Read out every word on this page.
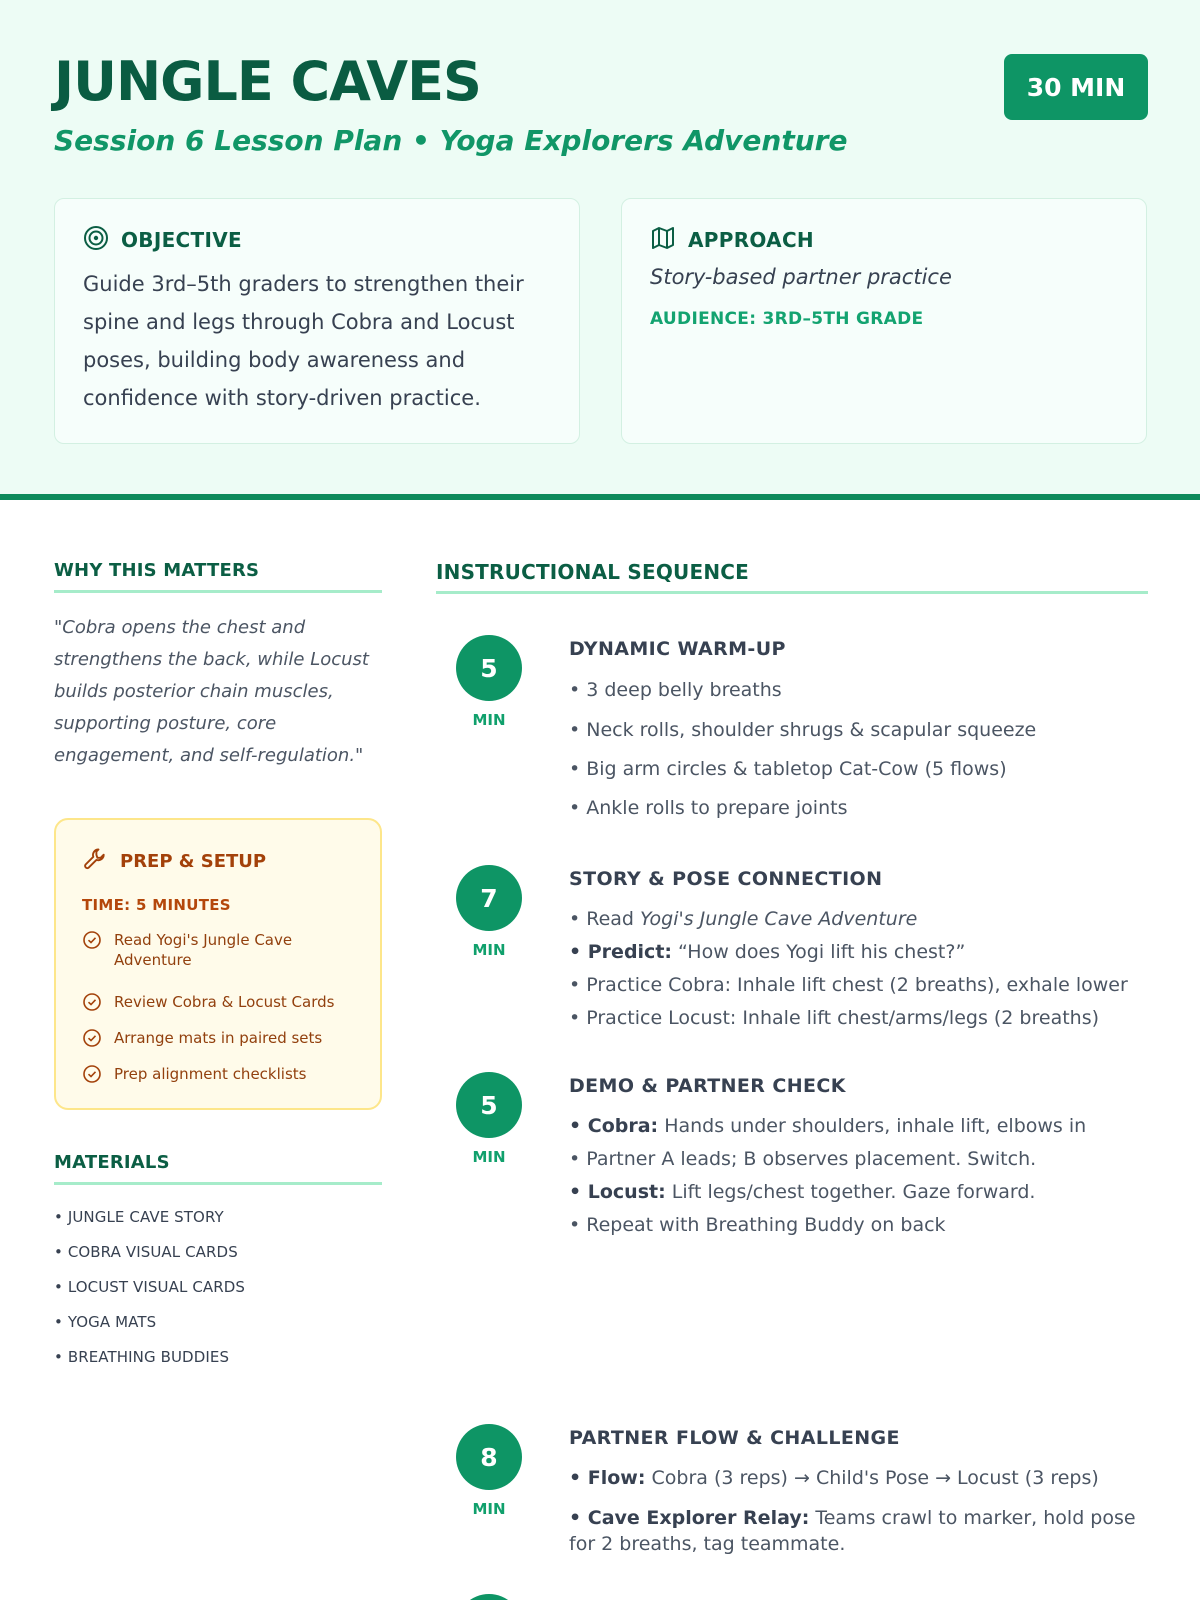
JUNGLE CAVES
Session 6 Lesson Plan • Yoga Explorers Adventure
30 MIN
OBJECTIVE
Guide 3rd–5th graders to strengthen their spine and legs through Cobra and Locust poses, building body awareness and confidence with story-driven practice.
APPROACH
Story-based partner practice
AUDIENCE: 3RD–5TH GRADE
WHY THIS MATTERS
"Cobra opens the chest and strengthens the back, while Locust builds posterior chain muscles, supporting posture, core engagement, and self-regulation."
PREP & SETUP
TIME: 5 MINUTES
Read Yogi's Jungle Cave Adventure
Review Cobra & Locust Cards
Arrange mats in paired sets
Prep alignment checklists
MATERIALS
• JUNGLE CAVE STORY
• COBRA VISUAL CARDS
• LOCUST VISUAL CARDS
• YOGA MATS
• BREATHING BUDDIES
INSTRUCTIONAL SEQUENCE
5
MIN
DYNAMIC WARM-UP
• 3 deep belly breaths
• Neck rolls, shoulder shrugs & scapular squeeze
• Big arm circles & tabletop Cat-Cow (5 flows)
• Ankle rolls to prepare joints
7
MIN
STORY & POSE CONNECTION
• Read Yogi's Jungle Cave Adventure
• Predict: “How does Yogi lift his chest?”
• Practice Cobra: Inhale lift chest (2 breaths), exhale lower
• Practice Locust: Inhale lift chest/arms/legs (2 breaths)
5
MIN
DEMO & PARTNER CHECK
• Cobra: Hands under shoulders, inhale lift, elbows in
• Partner A leads; B observes placement. Switch.
• Locust: Lift legs/chest together. Gaze forward.
• Repeat with Breathing Buddy on back
8
MIN
PARTNER FLOW & CHALLENGE
• Flow: Cobra (3 reps) → Child's Pose → Locust (3 reps)
• Cave Explorer Relay: Teams crawl to marker, hold pose for 2 breaths, tag teammate.
